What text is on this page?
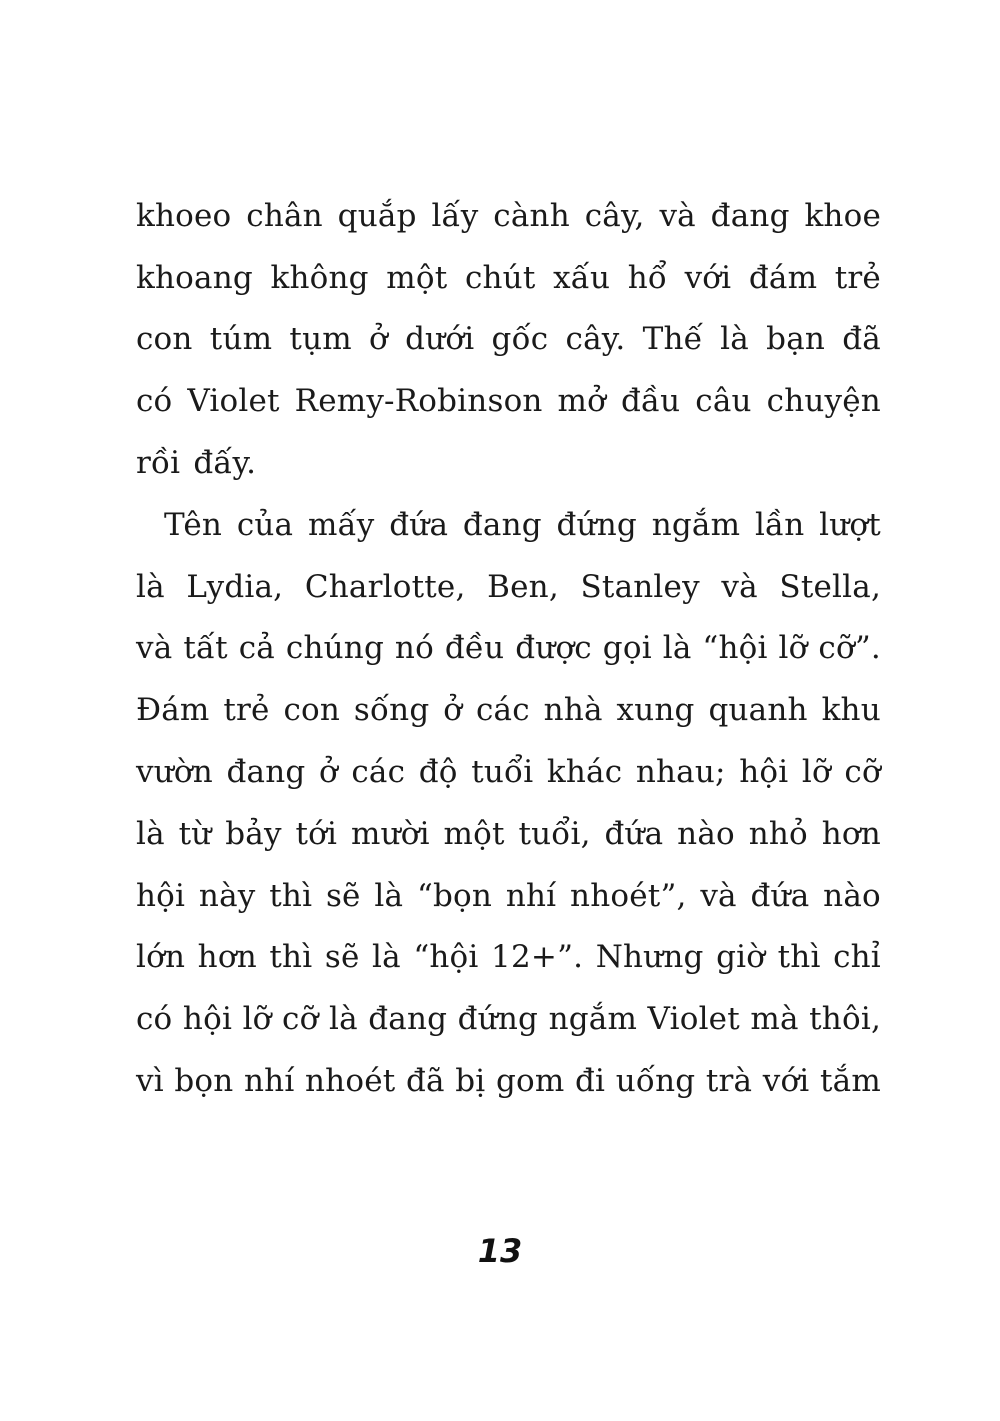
khoeo chân quắp lấy cành cây, và đang khoe
khoang không một chút xấu hổ với đám trẻ
con túm tụm ở dưới gốc cây. Thế là bạn đã
có Violet Remy-Robinson mở đầu câu chuyện
rồi đấy.
Tên của mấy đứa đang đứng ngắm lần lượt
là Lydia, Charlotte, Ben, Stanley và Stella,
và tất cả chúng nó đều được gọi là “hội lỡ cỡ”.
Đám trẻ con sống ở các nhà xung quanh khu
vườn đang ở các độ tuổi khác nhau; hội lỡ cỡ
là từ bảy tới mười một tuổi, đứa nào nhỏ hơn
hội này thì sẽ là “bọn nhí nhoét”, và đứa nào
lớn hơn thì sẽ là “hội 12+”. Nhưng giờ thì chỉ
có hội lỡ cỡ là đang đứng ngắm Violet mà thôi,
vì bọn nhí nhoét đã bị gom đi uống trà với tắm
13
